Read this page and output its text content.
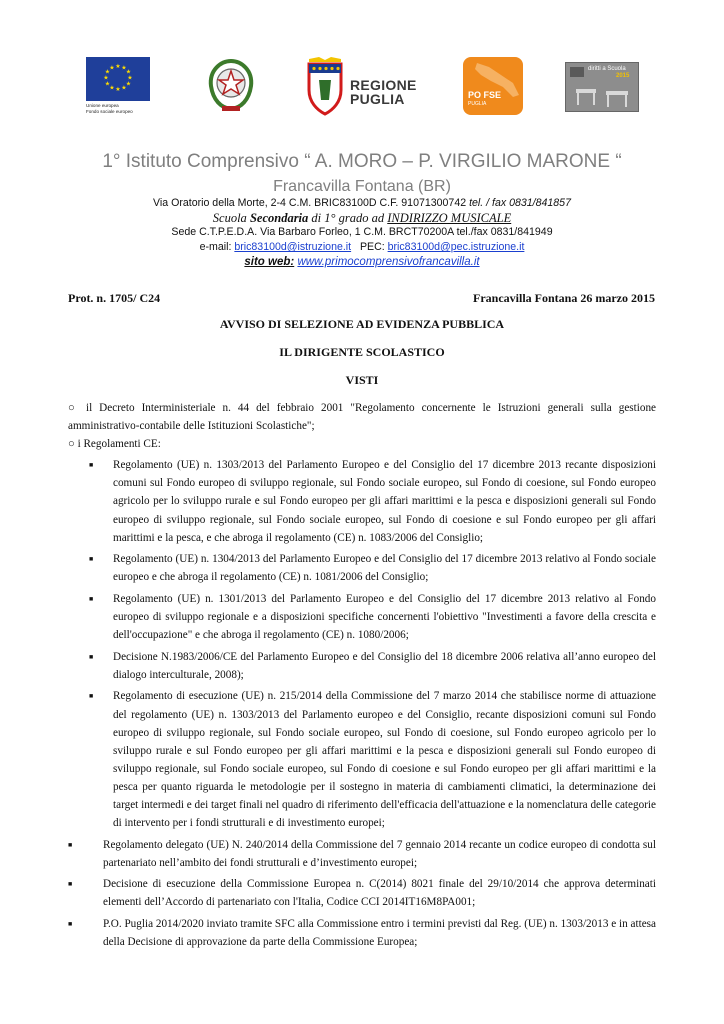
★ ★
★
★
★
★
★
★
★
★
★
★
Unione europea
Fondo sociale europeo
REGIONE
PUGLIA	PO FSE
PUGLIA
diritti a Scuola
2015
1° Istituto Comprensivo “ A. MORO – P. VIRGILIO MARONE “
Francavilla Fontana (BR)
Via Oratorio della Morte, 2-4 C.M. BRIC83100D C.F. 91071300742 tel. / fax 0831/841857
Scuola Secondaria di 1° grado ad INDIRIZZO MUSICALE
Sede C.T.P.E.D.A. Via Barbaro Forleo, 1 C.M. BRCT70200A tel./fax 0831/841949
e-mail: bric83100d@istruzione.it   PEC: bric83100d@pec.istruzione.it
sito web: www.primocomprensivofrancavilla.it
Prot. n. 1705/ C24	Francavilla Fontana 26 marzo 2015
AVVISO DI SELEZIONE AD EVIDENZA PUBBLICA
IL DIRIGENTE SCOLASTICO
VISTI

○ il Decreto Interministeriale n. 44 del febbraio 2001 "Regolamento concernente le Istruzioni generali sulla gestione amministrativo-contabile delle Istituzioni Scolastiche";

○ i Regolamenti CE:

■ Regolamento (UE) n. 1303/2013 del Parlamento Europeo e del Consiglio del 17 dicembre 2013 recante disposizioni comuni sul Fondo europeo di sviluppo regionale, sul Fondo sociale europeo, sul Fondo di coesione, sul Fondo europeo agricolo per lo sviluppo rurale e sul Fondo europeo per gli affari marittimi e la pesca e disposizioni generali sul Fondo europeo di sviluppo regionale, sul Fondo sociale europeo, sul Fondo di coesione e sul Fondo europeo per gli affari marittimi e la pesca, e che abroga il regolamento (CE) n. 1083/2006 del Consiglio;
■ Regolamento (UE) n. 1304/2013 del Parlamento Europeo e del Consiglio del 17 dicembre 2013 relativo al Fondo sociale europeo e che abroga il regolamento (CE) n. 1081/2006 del Consiglio;
■ Regolamento (UE) n. 1301/2013 del Parlamento Europeo e del Consiglio del 17 dicembre 2013 relativo al Fondo europeo di sviluppo regionale e a disposizioni specifiche concernenti l'obiettivo "Investimenti a favore della crescita e dell'occupazione" e che abroga il regolamento (CE) n. 1080/2006;
■ Decisione N.1983/2006/CE del Parlamento Europeo e del Consiglio del 18 dicembre 2006 relativa all’anno europeo del dialogo interculturale, 2008);
■ Regolamento di esecuzione (UE) n. 215/2014 della Commissione del 7 marzo 2014 che stabilisce norme di attuazione del regolamento (UE) n. 1303/2013 del Parlamento europeo e del Consiglio, recante disposizioni comuni sul Fondo europeo di sviluppo regionale, sul Fondo sociale europeo, sul Fondo di coesione, sul Fondo europeo agricolo per lo sviluppo rurale e sul Fondo europeo per gli affari marittimi e la pesca e disposizioni generali sul Fondo europeo di sviluppo regionale, sul Fondo sociale europeo, sul Fondo di coesione e sul Fondo europeo per gli affari marittimi e la pesca per quanto riguarda le metodologie per il sostegno in materia di cambiamenti climatici, la determinazione dei target intermedi e dei target finali nel quadro di riferimento dell'efficacia dell'attuazione e la nomenclatura delle categorie di intervento per i fondi strutturali e di investimento europei;
■	Regolamento delegato (UE) N. 240/2014 della Commissione del 7 gennaio 2014 recante un codice europeo di condotta sul partenariato nell’ambito dei fondi strutturali e d’investimento europei;
■	Decisione di esecuzione della Commissione Europea n. C(2014) 8021 finale del 29/10/2014 che approva determinati elementi dell’Accordo di partenariato con l'Italia, Codice CCI 2014IT16M8PA001;
■	P.O. Puglia 2014/2020 inviato tramite SFC alla Commissione entro i termini previsti dal Reg. (UE) n. 1303/2013 e in attesa della Decisione di approvazione da parte della Commissione Europea;
